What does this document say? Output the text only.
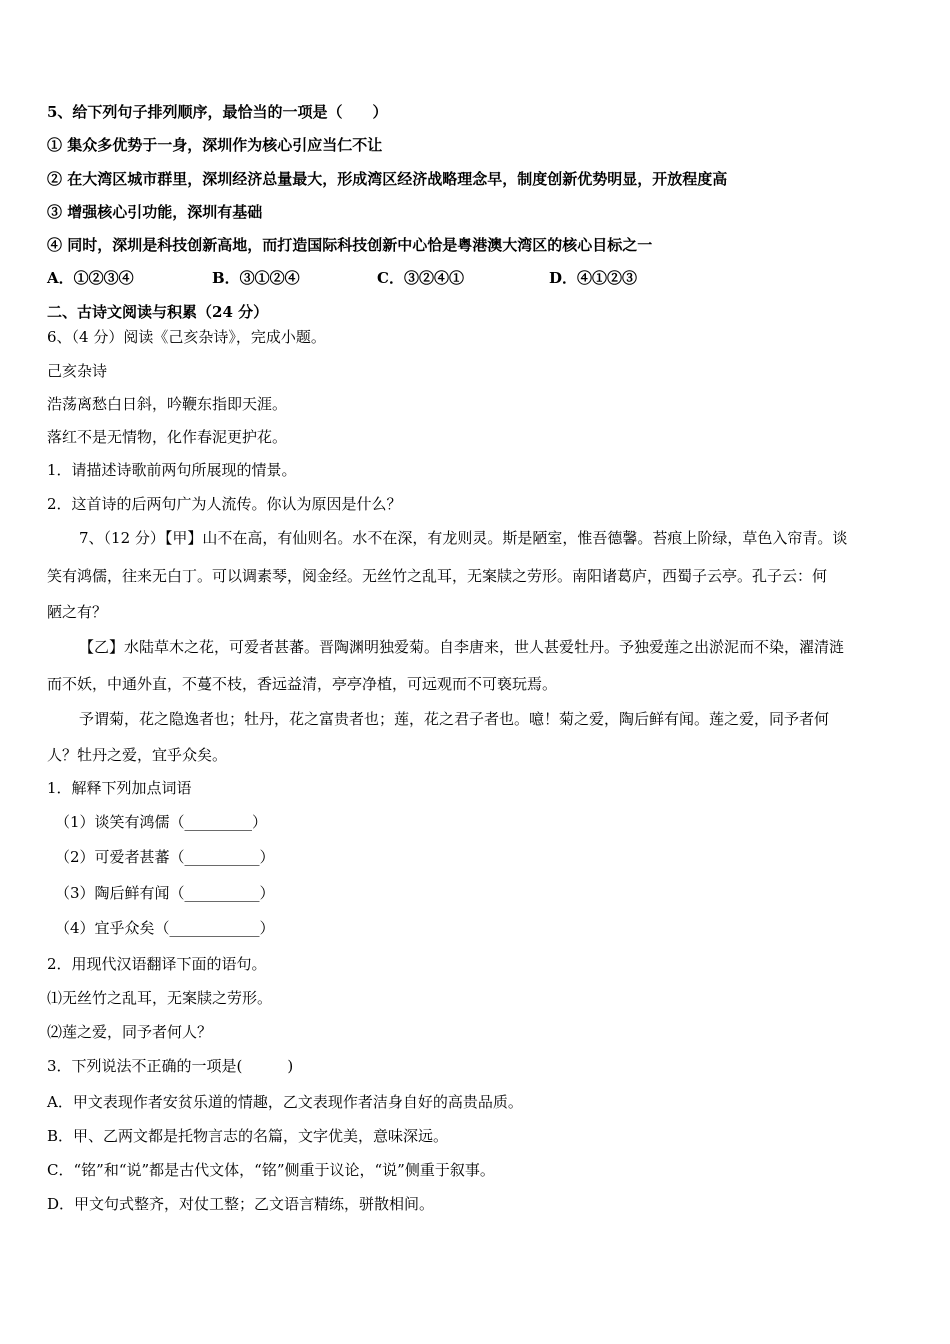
5、给下列句子排列顺序，最恰当的一项是（　　）
① 集众多优势于一身，深圳作为核心引应当仁不让
② 在大湾区城市群里，深圳经济总量最大，形成湾区经济战略理念早，制度创新优势明显，开放程度高
③ 增强核心引功能，深圳有基础
④ 同时，深圳是科技创新高地，而打造国际科技创新中心恰是粤港澳大湾区的核心目标之一
A．①②③④	B．③①②④	C．③②④①	D．④①②③
二、古诗文阅读与积累（24 分）
6、（4 分）阅读《己亥杂诗》，完成小题。
己亥杂诗
浩荡离愁白日斜，吟鞭东指即天涯。
落红不是无情物，化作春泥更护花。
1．请描述诗歌前两句所展现的情景。
2．这首诗的后两句广为人流传。你认为原因是什么？
7、（12 分）【甲】山不在高，有仙则名。水不在深，有龙则灵。斯是陋室，惟吾德馨。苔痕上阶绿，草色入帘青。谈
笑有鸿儒，往来无白丁。可以调素琴，阅金经。无丝竹之乱耳，无案牍之劳形。南阳诸葛庐，西蜀子云亭。孔子云：何
陋之有？
【乙】水陆草木之花，可爱者甚蕃。晋陶渊明独爱菊。自李唐来，世人甚爱牡丹。予独爱莲之出淤泥而不染，濯清涟
而不妖，中通外直，不蔓不枝，香远益清，亭亭净植，可远观而不可亵玩焉。
予谓菊，花之隐逸者也；牡丹，花之富贵者也；莲，花之君子者也。噫！菊之爱，陶后鲜有闻。莲之爱，同予者何
人？牡丹之爱，宜乎众矣。
1．解释下列加点词语
（1）谈笑有鸿儒（_________）
（2）可爱者甚蕃（__________）
（3）陶后鲜有闻（__________）
（4）宜乎众矣（____________）
2．用现代汉语翻译下面的语句。
⑴无丝竹之乱耳，无案牍之劳形。
⑵莲之爱，同予者何人？
3．下列说法不正确的一项是(　　　)
A．甲文表现作者安贫乐道的情趣，乙文表现作者洁身自好的高贵品质。
B．甲、乙两文都是托物言志的名篇，文字优美，意味深远。
C．“铭”和“说”都是古代文体，“铭”侧重于议论，“说”侧重于叙事。
D．甲文句式整齐，对仗工整；乙文语言精练，骈散相间。
